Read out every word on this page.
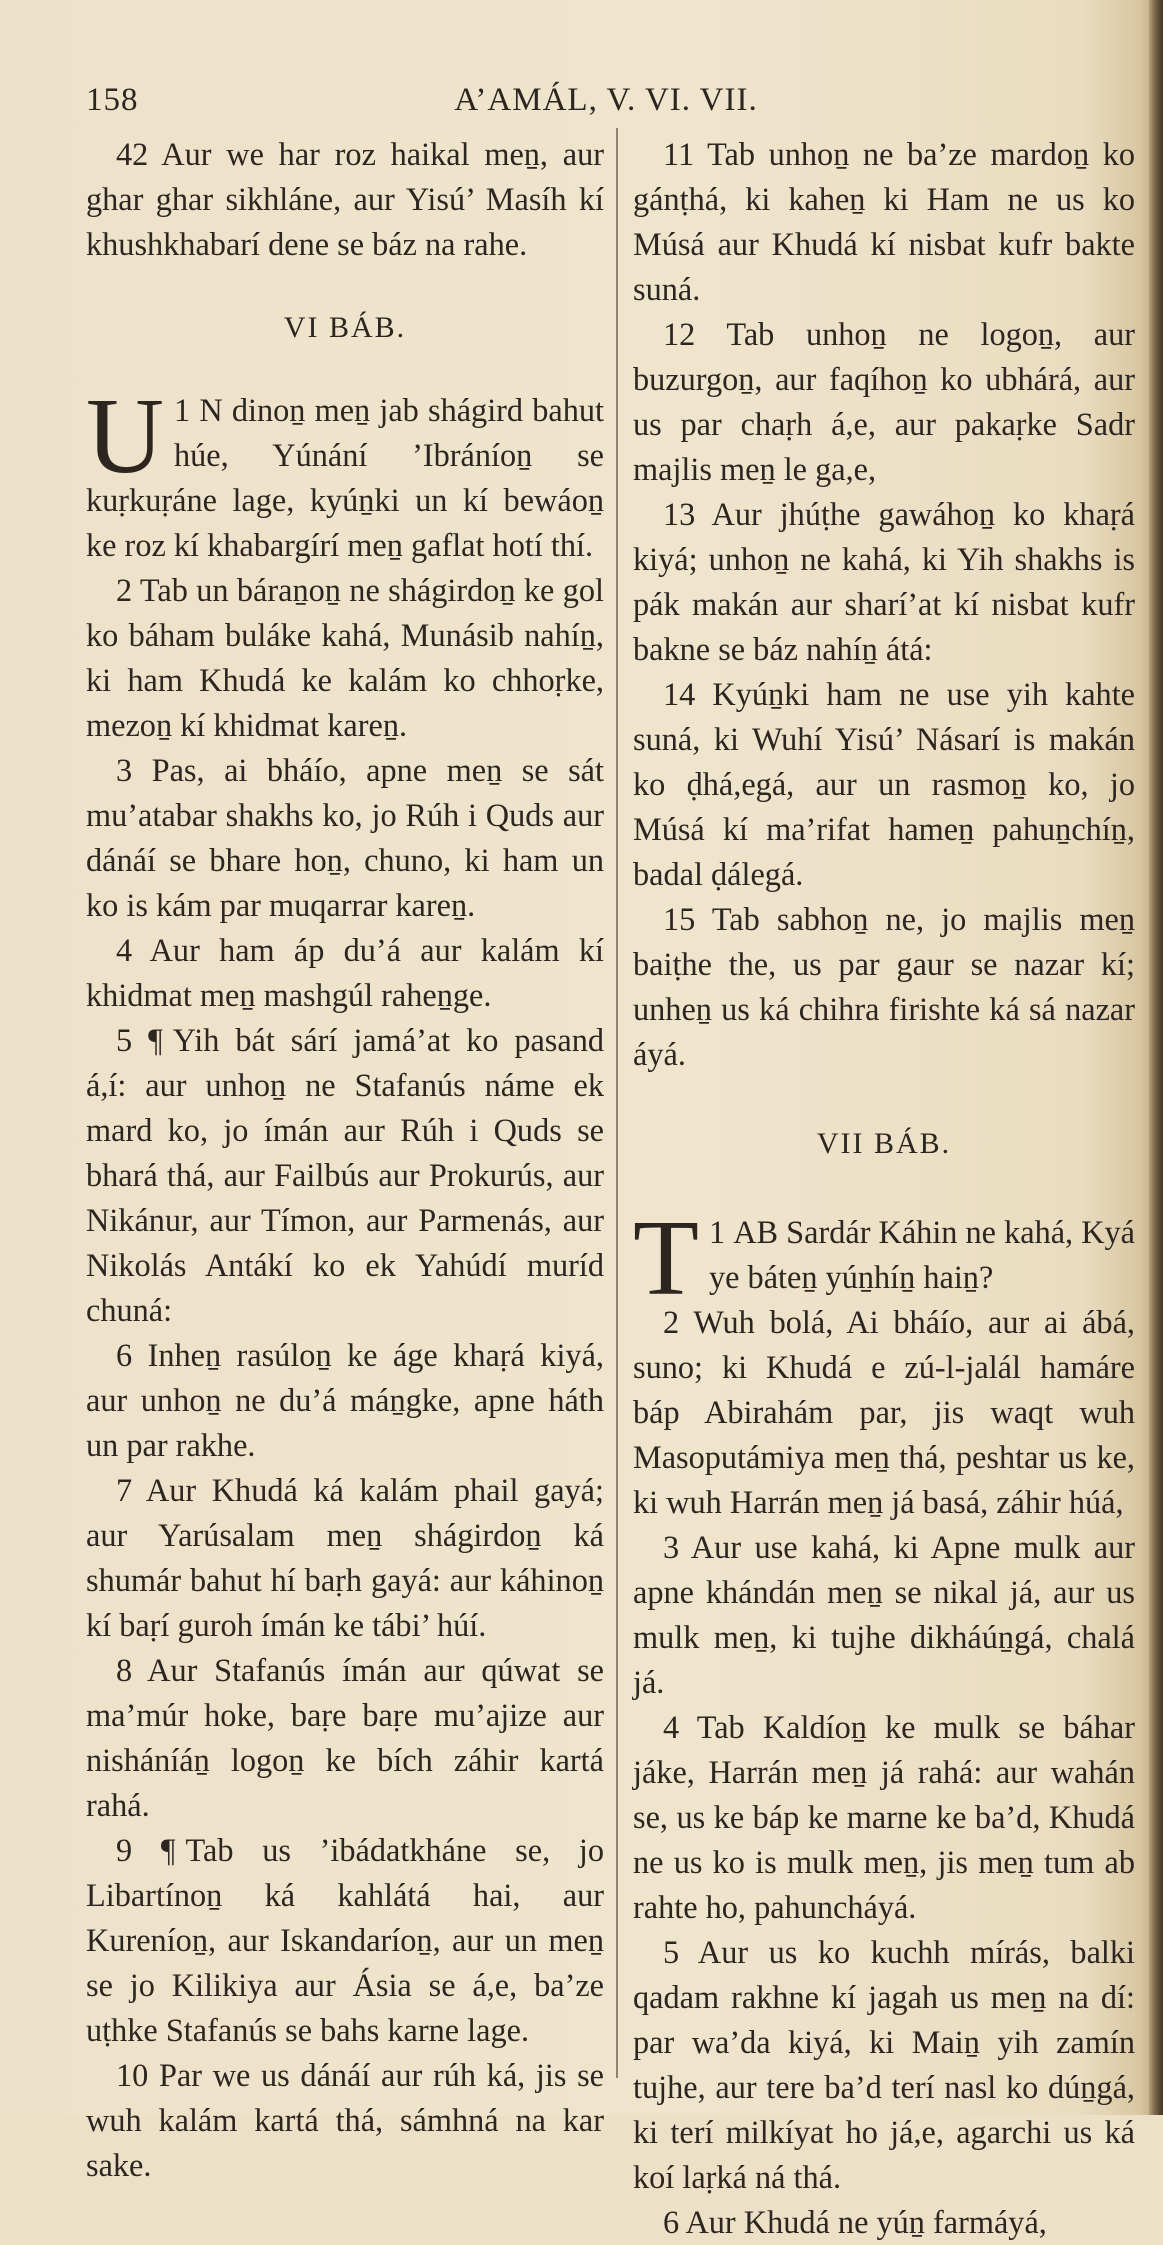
158	A’AMÁL, V. VI. VII.

42 Aur we har roz haikal meṉ, aur ghar ghar sikhláne, aur Yisú’ Masíh kí khushkhabarí dene se báz na rahe.

VI BÁB.

1
U N dinoṉ meṉ jab shágird bahut húe, Yúnání ’Ibráníoṉ se kuṛkuṛáne lage, kyúṉki un kí bewáoṉ ke roz kí khabargírí meṉ gaflat hotí thí.

2 Tab un báraṉoṉ ne shágirdoṉ ke gol ko báham buláke kahá, Munásib nahíṉ, ki ham Khudá ke kalám ko chhoṛke, mezoṉ kí khidmat kareṉ.

3 Pas, ai bháío, apne meṉ se sát mu’atabar shakhs ko, jo Rúh i Quds aur dánáí se bhare hoṉ, chuno, ki ham un ko is kám par muqarrar kareṉ.

4 Aur ham áp du’á aur kalám kí khidmat meṉ mashgúl raheṉge.

5 ¶ Yih bát sárí jamá’at ko pasand á,í: aur unhoṉ ne Stafanús náme ek mard ko, jo ímán aur Rúh i Quds se bhará thá, aur Failbús aur Prokurús, aur Nikánur, aur Tímon, aur Parmenás, aur Nikolás Antákí ko ek Yahúdí muríd chuná:

6 Inheṉ rasúloṉ ke áge khaṛá kiyá, aur unhoṉ ne du’á máṉgke, apne háth un par rakhe.

7 Aur Khudá ká kalám phail gayá; aur Yarúsalam meṉ shágirdoṉ ká shumár bahut hí baṛh gayá: aur káhinoṉ kí baṛí guroh ímán ke tábi’ húí.

8 Aur Stafanús ímán aur qúwat se ma’múr hoke, baṛe baṛe mu’ajize aur nisháníáṉ logoṉ ke bích záhir kartá rahá.

9 ¶ Tab us ’ibádatkháne se, jo Libartínoṉ ká kahlátá hai, aur Kureníoṉ, aur Iskandaríoṉ, aur un meṉ se jo Kilikiya aur Ásia se á,e, ba’ze uṭhke Stafanús se bahs karne lage.

10 Par we us dánáí aur rúh ká, jis se wuh kalám kartá thá, sámhná na kar sake.

11 Tab unhoṉ ne ba’ze mardoṉ ko gánṭhá, ki kaheṉ ki Ham ne us ko Músá aur Khudá kí nisbat kufr bakte suná.

12 Tab unhoṉ ne logoṉ, aur buzurgoṉ, aur faqíhoṉ ko ubhárá, aur us par chaṛh á,e, aur pakaṛke Sadr majlis meṉ le ga,e,

13 Aur jhúṭhe gawáhoṉ ko khaṛá kiyá; unhoṉ ne kahá, ki Yih shakhs is pák makán aur sharí’at kí nisbat kufr bakne se báz nahíṉ átá:

14 Kyúṉki ham ne use yih kahte suná, ki Wuhí Yisú’ Násarí is makán ko ḍhá,egá, aur un rasmoṉ ko, jo Músá kí ma’rifat hameṉ pahuṉchíṉ, badal ḍálegá.

15 Tab sabhoṉ ne, jo majlis meṉ baiṭhe the, us par gaur se nazar kí; unheṉ us ká chihra firishte ká sá nazar áyá.

VII BÁB.

1
T AB Sardár Káhin ne kahá, Kyá ye báteṉ yúṉhíṉ haiṉ?

2 Wuh bolá, Ai bháío, aur ai ábá, suno; ki Khudá e zú-l-jalál hamáre báp Abirahám par, jis waqt wuh Masoputámiya meṉ thá, peshtar us ke, ki wuh Harrán meṉ já basá, záhir húá,

3 Aur use kahá, ki Apne mulk aur apne khándán meṉ se nikal já, aur us mulk meṉ, ki tujhe dikháúṉgá, chalá já.

4 Tab Kaldíoṉ ke mulk se báhar jáke, Harrán meṉ já rahá: aur wahán se, us ke báp ke marne ke ba’d, Khudá ne us ko is mulk meṉ, jis meṉ tum ab rahte ho, pahuncháyá.

5 Aur us ko kuchh mírás, balki qadam rakhne kí jagah us meṉ na dí: par wa’da kiyá, ki Maiṉ yih zamín tujhe, aur tere ba’d terí nasl ko dúṉgá, ki terí milkíyat ho já,e, agarchi us ká koí laṛká ná thá.

6 Aur Khudá ne yúṉ farmáyá,
